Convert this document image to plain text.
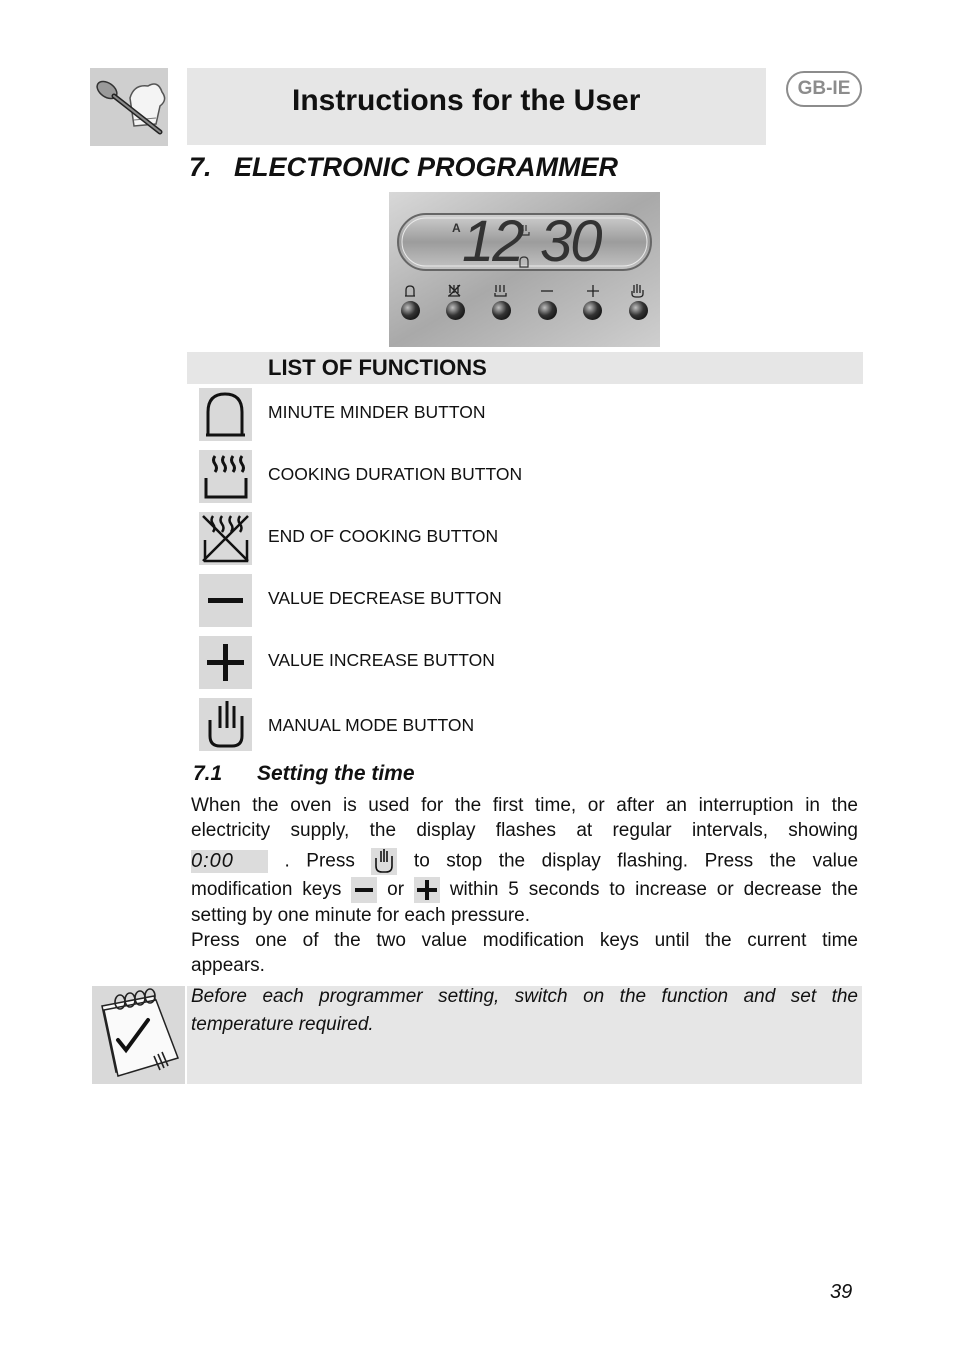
Instructions for the User	GB-IE
7. ELECTRONIC PROGRAMMER
A 12 30
LIST OF FUNCTIONS
MINUTE MINDER BUTTON
COOKING DURATION BUTTON
END OF COOKING BUTTON
VALUE DECREASE BUTTON
VALUE INCREASE BUTTON
MANUAL MODE BUTTON
7.1 Setting the time
When the oven is used for the first time, or after an interruption in the
electricity supply, the display flashes at regular intervals, showing
0:00	. Press	to stop the display flashing. Press the value
modification keys or within 5 seconds to increase or decrease the
setting by one minute for each pressure.
Press one of the two value modification keys until the current time
appears.
Before each programmer setting, switch on the function and set the
temperature required.
39
